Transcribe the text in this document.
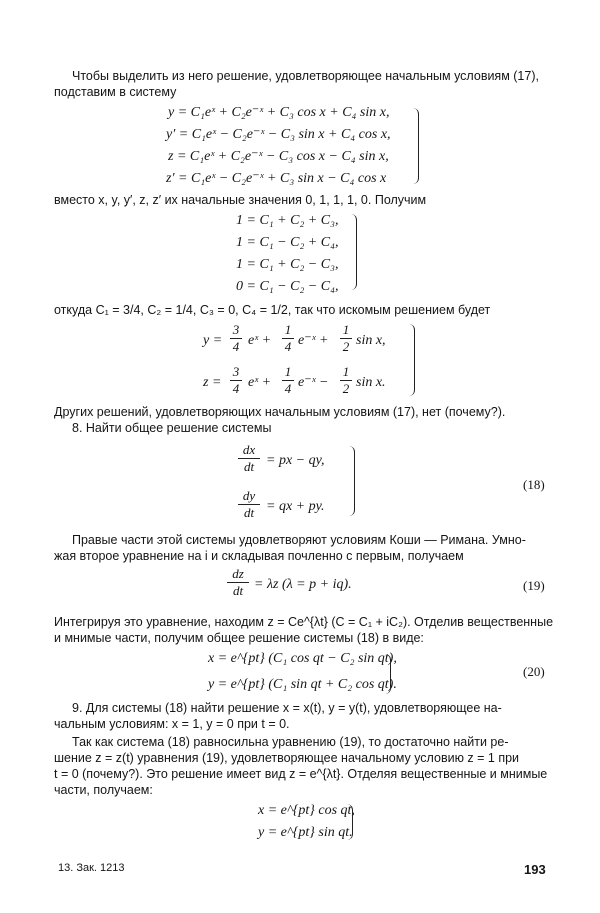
Чтобы выделить из него решение, удовлетворяющее начальным условиям (17),
подставим в систему
y = C₁eˣ + C₂e⁻ˣ + C₃ cos x + C₄ sin x,
y′ = C₁eˣ − C₂e⁻ˣ − C₃ sin x + C₄ cos x,
z = C₁eˣ + C₂e⁻ˣ − C₃ cos x − C₄ sin x,
z′ = C₁eˣ − C₂e⁻ˣ + C₃ sin x − C₄ cos x
вместо x, y, y′, z, z′ их начальные значения 0, 1, 1, 1, 0. Получим
1 = C₁ + C₂ + C₃,
1 = C₁ − C₂ + C₄,
1 = C₁ + C₂ − C₃,
0 = C₁ − C₂ − C₄,
откуда C₁ = 3/4, C₂ = 1/4, C₃ = 0, C₄ = 1/2, так что искомым решением будет
$y = \frac{3}{4}$ eˣ + $\frac{1}{4}$ e⁻ˣ + $\frac{1}{2}$ sin x,
$z = \frac{3}{4}$ eˣ + $\frac{1}{4}$ e⁻ˣ − $\frac{1}{2}$ sin x.
Других решений, удовлетворяющих начальным условиям (17), нет (почему?).
8. Найти общее решение системы
$\frac{dx}{dt}$ = px − qy,
$\frac{dy}{dt}$ = qx + py.
(18)
Правые части этой системы удовлетворяют условиям Коши — Римана. Умно-
жая второе уравнение на i и складывая почленно с первым, получаем
$\frac{dz}{dt} = \lambda z$ (λ = p + iq).	(19)
Интегрируя это уравнение, находим z = Ce^{λt} (C = C₁ + iC₂). Отделив вещественные
и мнимые части, получим общее решение системы (18) в виде:
x = e^{pt} (C₁ cos qt − C₂ sin qt),
y = e^{pt} (C₁ sin qt + C₂ cos qt).
(20)
9. Для системы (18) найти решение x = x(t), y = y(t), удовлетворяющее на-
чальным условиям: x = 1, y = 0 при t = 0.
Так как система (18) равносильна уравнению (19), то достаточно найти ре-
шение z = z(t) уравнения (19), удовлетворяющее начальному условию z = 1 при
t = 0 (почему?). Это решение имеет вид z = e^{λt}. Отделяя вещественные и мнимые
части, получаем:
x = e^{pt} cos qt,
y = e^{pt} sin qt.
13. Зак. 1213	193
